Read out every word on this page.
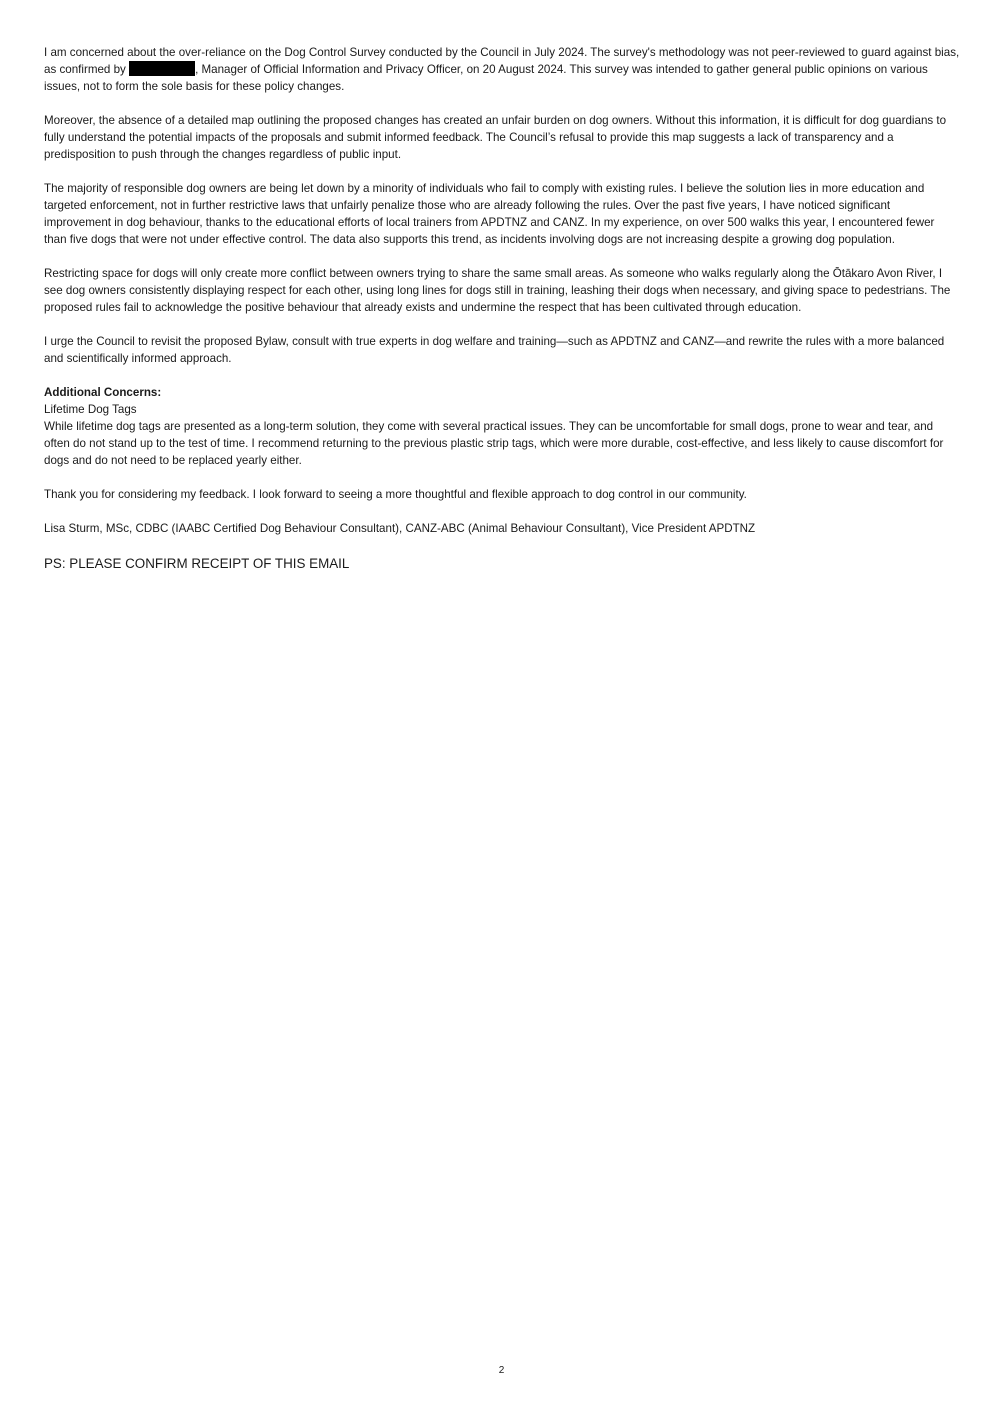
I am concerned about the over-reliance on the Dog Control Survey conducted by the Council in July 2024. The survey's methodology was not peer-reviewed to guard against bias, as confirmed by	, Manager of Official Information and Privacy Officer, on 20 August 2024. This survey was intended to gather general public opinions on various issues, not to form the sole basis for these policy changes.

Moreover, the absence of a detailed map outlining the proposed changes has created an unfair burden on dog owners. Without this information, it is difficult for dog guardians to fully understand the potential impacts of the proposals and submit informed feedback. The Council’s refusal to provide this map suggests a lack of transparency and a predisposition to push through the changes regardless of public input.

The majority of responsible dog owners are being let down by a minority of individuals who fail to comply with existing rules. I believe the solution lies in more education and targeted enforcement, not in further restrictive laws that unfairly penalize those who are already following the rules. Over the past five years, I have noticed significant improvement in dog behaviour, thanks to the educational efforts of local trainers from APDTNZ and CANZ. In my experience, on over 500 walks this year, I encountered fewer than five dogs that were not under effective control. The data also supports this trend, as incidents involving dogs are not increasing despite a growing dog population.

Restricting space for dogs will only create more conflict between owners trying to share the same small areas. As someone who walks regularly along the Ōtākaro Avon River, I see dog owners consistently displaying respect for each other, using long lines for dogs still in training, leashing their dogs when necessary, and giving space to pedestrians. The proposed rules fail to acknowledge the positive behaviour that already exists and undermine the respect that has been cultivated through education.

I urge the Council to revisit the proposed Bylaw, consult with true experts in dog welfare and training—such as APDTNZ and CANZ—and rewrite the rules with a more balanced and scientifically informed approach.

Additional Concerns:

Lifetime Dog Tags

While lifetime dog tags are presented as a long-term solution, they come with several practical issues. They can be uncomfortable for small dogs, prone to wear and tear, and often do not stand up to the test of time. I recommend returning to the previous plastic strip tags, which were more durable, cost-effective, and less likely to cause discomfort for dogs and do not need to be replaced yearly either.

Thank you for considering my feedback. I look forward to seeing a more thoughtful and flexible approach to dog control in our community.

Lisa Sturm, MSc, CDBC (IAABC Certified Dog Behaviour Consultant), CANZ-ABC (Animal Behaviour Consultant), Vice President APDTNZ

PS: PLEASE CONFIRM RECEIPT OF THIS EMAIL

2
